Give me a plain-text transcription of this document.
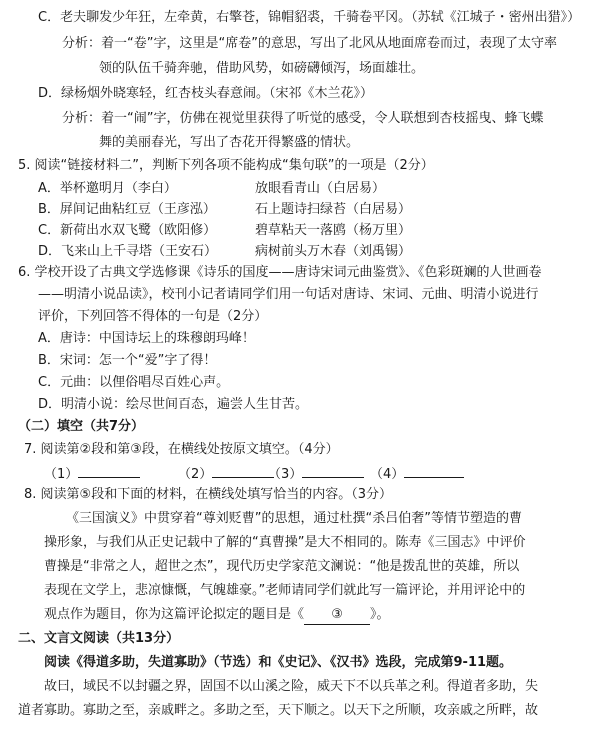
C．老夫聊发少年狂，左牵黄，右擎苍，锦帽貂裘，千骑卷平冈。（苏轼《江城子・密州出猎》）
分析：着一“卷”字，这里是“席卷”的意思，写出了北风从地面席卷而过，表现了太守率
领的队伍千骑奔驰，借助风势，如磅礴倾泻，场面雄壮。
D．绿杨烟外晓寒轻，红杏枝头春意闹。（宋祁《木兰花》）
分析：着一“闹”字，仿佛在视觉里获得了听觉的感受，令人联想到杏枝摇曳、蜂飞蝶
舞的美丽春光，写出了杏花开得繁盛的情状。
5. 阅读“链接材料二”，判断下列各项不能构成“集句联”的一项是（2分）
A．举杯邀明月（李白）	放眼看青山（白居易）
B．屏间记曲粘红豆（王彦泓）	石上题诗扫绿苔（白居易）
C．新荷出水双飞鹭（欧阳修）	碧草粘天一落鸥（杨万里）
D．飞来山上千寻塔（王安石）	病树前头万木春（刘禹锡）
6. 学校开设了古典文学选修课《诗乐的国度——唐诗宋词元曲鉴赏》、《色彩斑斓的人世画卷
——明清小说品读》，校刊小记者请同学们用一句话对唐诗、宋词、元曲、明清小说进行
评价，下列回答不得体的一句是（2分）
A．唐诗：中国诗坛上的珠穆朗玛峰！
B．宋词：怎一个“爱”字了得！
C．元曲：以俚俗唱尽百姓心声。
D．明清小说：绘尽世间百态，遍尝人生甘苦。
（二）填空（共7分）
7. 阅读第②段和第③段，在横线处按原文填空。（4分）
（1）	（2）	（3）	（4）
8. 阅读第⑤段和下面的材料，在横线处填写恰当的内容。（3分）
《三国演义》中贯穿着“尊刘贬曹”的思想，通过杜撰“杀吕伯奢”等情节塑造的曹
操形象，与我们从正史记载中了解的“真曹操”是大不相同的。陈寿《三国志》中评价
曹操是“非常之人，超世之杰”，现代历史学家范文澜说：“他是拨乱世的英雄，所以
表现在文学上，悲凉慷慨，气魄雄豪。”老师请同学们就此写一篇评论，并用评论中的
观点作为题目，你为这篇评论拟定的题目是《 ③ 》。
二、文言文阅读（共13分）
阅读《得道多助，失道寡助》（节选）和《史记》、《汉书》选段，完成第9-11题。
故曰，域民不以封疆之界，固国不以山溪之险，威天下不以兵革之利。得道者多助，失
道者寡助。寡助之至，亲戚畔之。多助之至，天下顺之。以天下之所顺，攻亲戚之所畔，故
